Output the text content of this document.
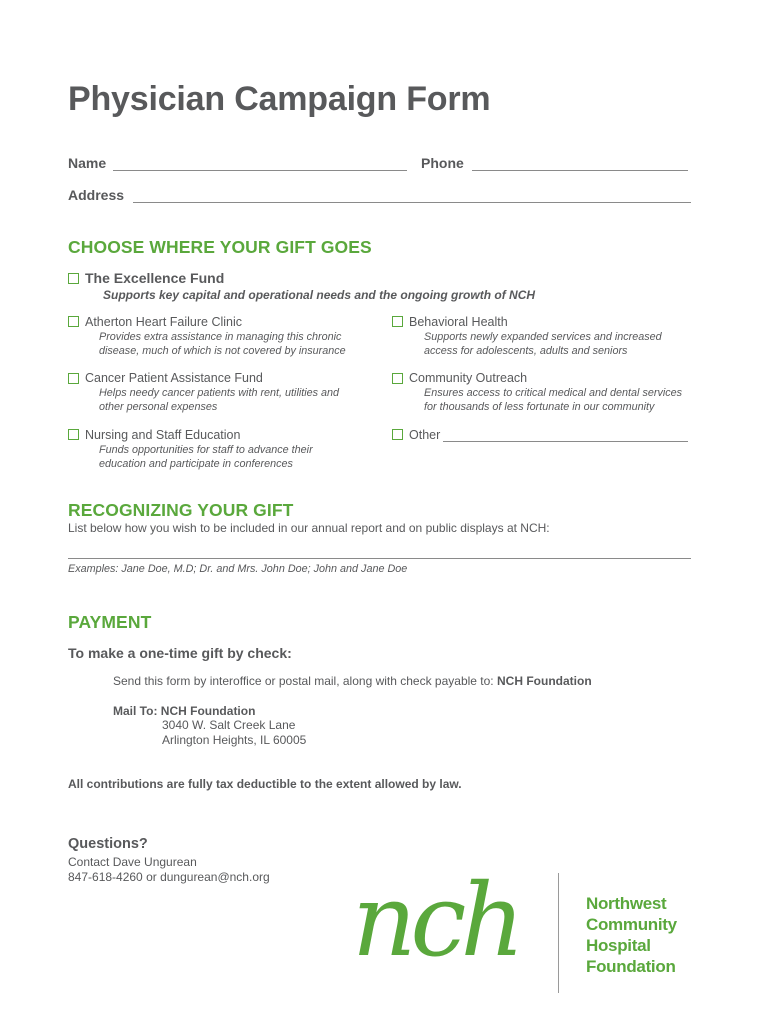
Physician Campaign Form
Name	Phone
Address
CHOOSE WHERE YOUR GIFT GOES
The Excellence Fund
Supports key capital and operational needs and the ongoing growth of NCH
Atherton Heart Failure Clinic
Provides extra assistance in managing this chronic
disease, much of which is not covered by insurance
Cancer Patient Assistance Fund
Helps needy cancer patients with rent, utilities and
other personal expenses
Nursing and Staff Education
Funds opportunities for staff to advance their
education and participate in conferences
Behavioral Health
Supports newly expanded services and increased
access for adolescents, adults and seniors
Community Outreach
Ensures access to critical medical and dental services
for thousands of less fortunate in our community
Other
RECOGNIZING YOUR GIFT
List below how you wish to be included in our annual report and on public displays at NCH:
Examples: Jane Doe, M.D; Dr. and Mrs. John Doe; John and Jane Doe
PAYMENT
To make a one-time gift by check:
Send this form by interoffice or postal mail, along with check payable to: NCH Foundation
Mail To: NCH Foundation
3040 W. Salt Creek Lane
Arlington Heights, IL 60005
All contributions are fully tax deductible to the extent allowed by law.
Questions?
Contact Dave Ungurean
847-618-4260 or dungurean@nch.org nch	Northwest
Community
Hospital
Foundation
